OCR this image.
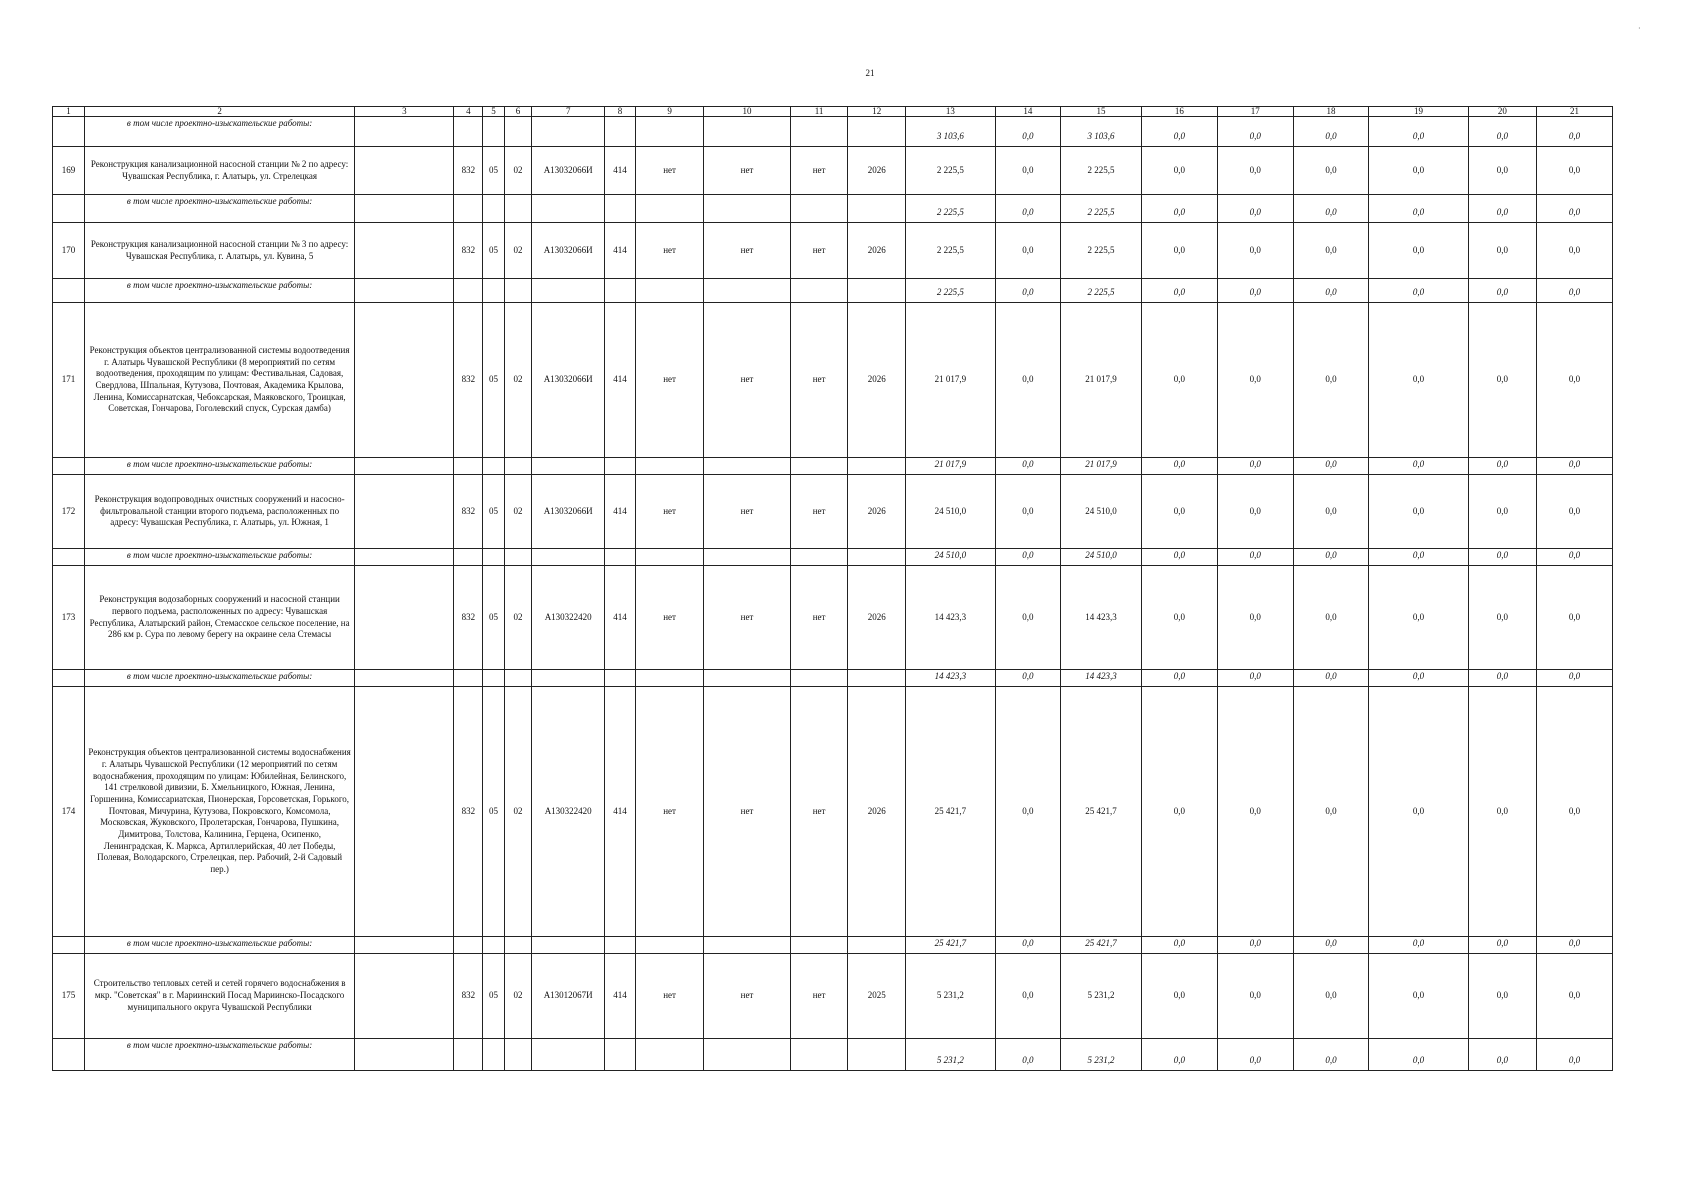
21
·
1	2	3	4	5	6	7	8	9	10	11	12	13	14	15	16	17	18	19	20	21
	в том числе проектно-изыскательские работы:											3 103,6	0,0	3 103,6	0,0	0,0	0,0	0,0	0,0	0,0
169	Реконструкция канализационной насосной станции № 2 по адресу: Чувашская Республика, г. Алатырь, ул. Стрелецкая		832	05	02	А13032066И	414	нет	нет	нет	2026	2 225,5	0,0	2 225,5	0,0	0,0	0,0	0,0	0,0	0,0
	в том числе проектно-изыскательские работы:											2 225,5	0,0	2 225,5	0,0	0,0	0,0	0,0	0,0	0,0
170	Реконструкция канализационной насосной станции № 3 по адресу: Чувашская Республика, г. Алатырь, ул. Кувина, 5		832	05	02	А13032066И	414	нет	нет	нет	2026	2 225,5	0,0	2 225,5	0,0	0,0	0,0	0,0	0,0	0,0
	в том числе проектно-изыскательские работы:											2 225,5	0,0	2 225,5	0,0	0,0	0,0	0,0	0,0	0,0
171	Реконструкция объектов централизованной системы водоотведения г. Алатырь Чувашской Республики (8 мероприятий по сетям водоотведения, проходящим по улицам: Фестивальная, Садовая, Свердлова, Шпальная, Кутузова, Почтовая, Академика Крылова, Ленина, Комиссарнатская, Чебоксарская, Маяковского, Троицкая, Советская, Гончарова, Гоголевский спуск, Сурская дамба)		832	05	02	А13032066И	414	нет	нет	нет	2026	21 017,9	0,0	21 017,9	0,0	0,0	0,0	0,0	0,0	0,0
	в том числе проектно-изыскательские работы:											21 017,9	0,0	21 017,9	0,0	0,0	0,0	0,0	0,0	0,0
172	Реконструкция водопроводных очистных сооружений и насосно-фильтровальной станции второго подъема, расположенных по адресу: Чувашская Республика, г. Алатырь, ул. Южная, 1		832	05	02	А13032066И	414	нет	нет	нет	2026	24 510,0	0,0	24 510,0	0,0	0,0	0,0	0,0	0,0	0,0
	в том числе проектно-изыскательские работы:											24 510,0	0,0	24 510,0	0,0	0,0	0,0	0,0	0,0	0,0
173	Реконструкция водозаборных сооружений и насосной станции первого подъема, расположенных по адресу: Чувашская Республика, Алатырский район, Стемасское сельское поселение, на 286 км р. Сура по левому берегу на окраине села Стемасы		832	05	02	А130322420	414	нет	нет	нет	2026	14 423,3	0,0	14 423,3	0,0	0,0	0,0	0,0	0,0	0,0
	в том числе проектно-изыскательские работы:											14 423,3	0,0	14 423,3	0,0	0,0	0,0	0,0	0,0	0,0
174	Реконструкция объектов централизованной системы водоснабжения г. Алатырь Чувашской Республики (12 мероприятий по сетям водоснабжения, проходящим по улицам: Юбилейная, Белинского, 141 стрелковой дивизии, Б. Хмельницкого, Южная, Ленина, Горшенина, Комиссариатская, Пионерская, Горсоветская, Горького, Почтовая, Мичурина, Кутузова, Покровского, Комсомола, Московская, Жуковского, Пролетарская, Гончарова, Пушкина, Димитрова, Толстова, Калинина, Герцена, Осипенко, Ленинградская, К. Маркса, Артиллерийская, 40 лет Победы, Полевая, Володарского, Стрелецкая, пер. Рабочий, 2-й Садовый пер.)		832	05	02	А130322420	414	нет	нет	нет	2026	25 421,7	0,0	25 421,7	0,0	0,0	0,0	0,0	0,0	0,0
	в том числе проектно-изыскательские работы:											25 421,7	0,0	25 421,7	0,0	0,0	0,0	0,0	0,0	0,0
175	Строительство тепловых сетей и сетей горячего водоснабжения в мкр. "Советская" в г. Мариинский Посад Мариинско-Посадского муниципального округа Чувашской Республики		832	05	02	А13012067И	414	нет	нет	нет	2025	5 231,2	0,0	5 231,2	0,0	0,0	0,0	0,0	0,0	0,0
	в том числе проектно-изыскательские работы:											5 231,2	0,0	5 231,2	0,0	0,0	0,0	0,0	0,0	0,0
